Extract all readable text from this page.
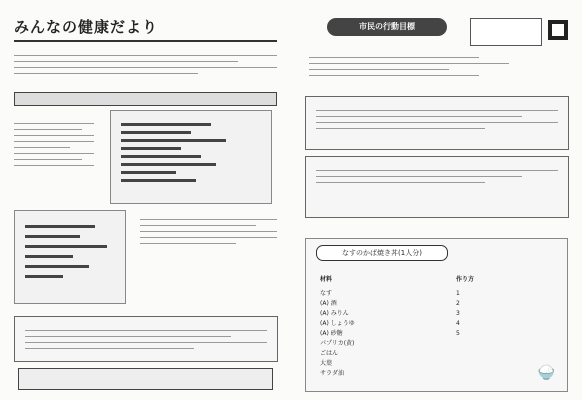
みんなの健康だより	市民の行動目標
なすのかば焼き丼(1人分)
材料
なす
(A) 酒
(A) みりん
(A) しょうゆ
(A) 砂糖
パプリカ(黄)
ごはん
大葉
サラダ油
作り方
1
2
3
4
5
🍚
